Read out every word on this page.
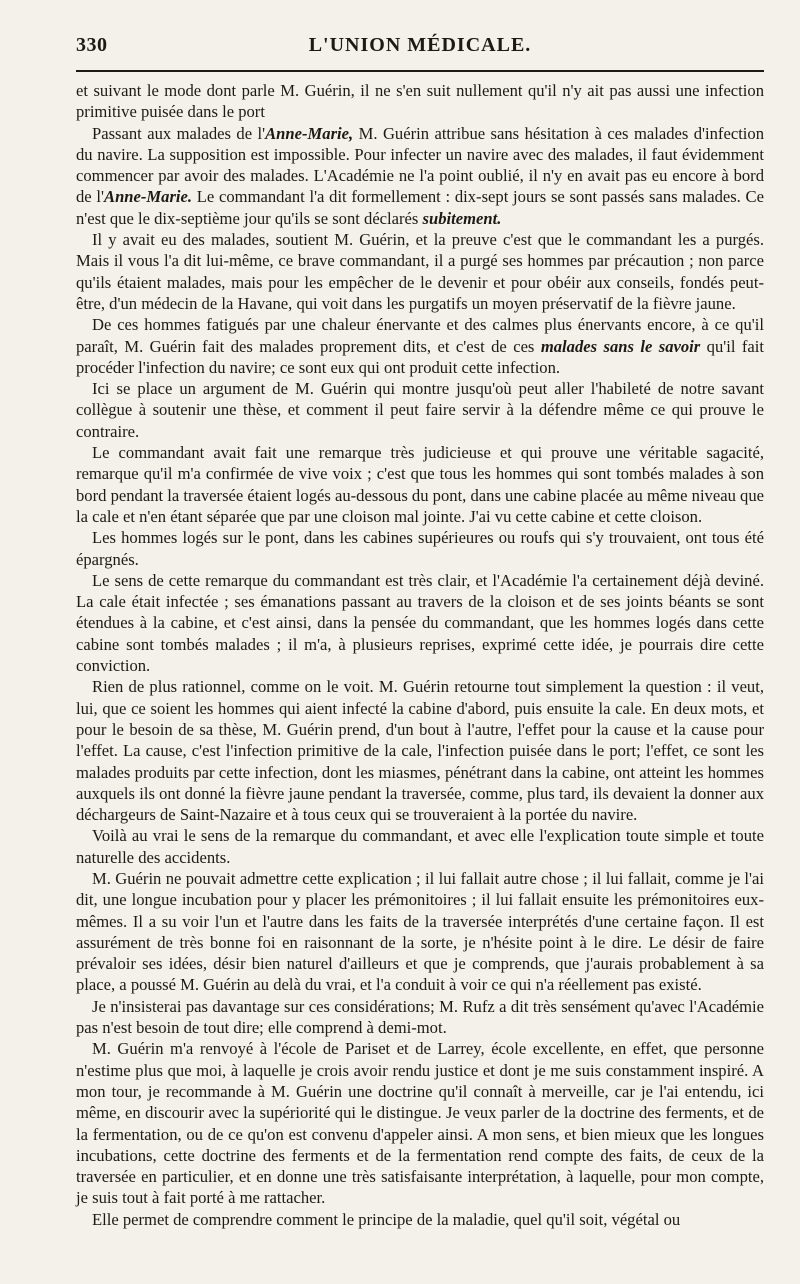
330	L'UNION MÉDICALE.

et suivant le mode dont parle M. Guérin, il ne s'en suit nullement qu'il n'y ait pas aussi une infection primitive puisée dans le port

Passant aux malades de l'Anne-Marie, M. Guérin attribue sans hésitation à ces malades d'infection du navire. La supposition est impossible. Pour infecter un navire avec des malades, il faut évidemment commencer par avoir des malades. L'Académie ne l'a point oublié, il n'y en avait pas eu encore à bord de l'Anne-Marie. Le commandant l'a dit formellement : dix-sept jours se sont passés sans malades. Ce n'est que le dix-septième jour qu'ils se sont déclarés subitement.

Il y avait eu des malades, soutient M. Guérin, et la preuve c'est que le commandant les a purgés. Mais il vous l'a dit lui-même, ce brave commandant, il a purgé ses hommes par précaution ; non parce qu'ils étaient malades, mais pour les empêcher de le devenir et pour obéir aux conseils, fondés peut-être, d'un médecin de la Havane, qui voit dans les purgatifs un moyen préservatif de la fièvre jaune.

De ces hommes fatigués par une chaleur énervante et des calmes plus énervants encore, à ce qu'il paraît, M. Guérin fait des malades proprement dits, et c'est de ces malades sans le savoir qu'il fait procéder l'infection du navire; ce sont eux qui ont produit cette infection.

Ici se place un argument de M. Guérin qui montre jusqu'où peut aller l'habileté de notre savant collègue à soutenir une thèse, et comment il peut faire servir à la défendre même ce qui prouve le contraire.

Le commandant avait fait une remarque très judicieuse et qui prouve une véritable sagacité, remarque qu'il m'a confirmée de vive voix ; c'est que tous les hommes qui sont tombés malades à son bord pendant la traversée étaient logés au-dessous du pont, dans une cabine placée au même niveau que la cale et n'en étant séparée que par une cloison mal jointe. J'ai vu cette cabine et cette cloison.

Les hommes logés sur le pont, dans les cabines supérieures ou roufs qui s'y trouvaient, ont tous été épargnés.

Le sens de cette remarque du commandant est très clair, et l'Académie l'a certainement déjà deviné. La cale était infectée ; ses émanations passant au travers de la cloison et de ses joints béants se sont étendues à la cabine, et c'est ainsi, dans la pensée du commandant, que les hommes logés dans cette cabine sont tombés malades ; il m'a, à plusieurs reprises, exprimé cette idée, je pourrais dire cette conviction.

Rien de plus rationnel, comme on le voit. M. Guérin retourne tout simplement la question : il veut, lui, que ce soient les hommes qui aient infecté la cabine d'abord, puis ensuite la cale. En deux mots, et pour le besoin de sa thèse, M. Guérin prend, d'un bout à l'autre, l'effet pour la cause et la cause pour l'effet. La cause, c'est l'infection primitive de la cale, l'infection puisée dans le port; l'effet, ce sont les malades produits par cette infection, dont les miasmes, pénétrant dans la cabine, ont atteint les hommes auxquels ils ont donné la fièvre jaune pendant la traversée, comme, plus tard, ils devaient la donner aux déchargeurs de Saint-Nazaire et à tous ceux qui se trouveraient à la portée du navire.

Voilà au vrai le sens de la remarque du commandant, et avec elle l'explication toute simple et toute naturelle des accidents.

M. Guérin ne pouvait admettre cette explication ; il lui fallait autre chose ; il lui fallait, comme je l'ai dit, une longue incubation pour y placer les prémonitoires ; il lui fallait ensuite les prémonitoires eux-mêmes. Il a su voir l'un et l'autre dans les faits de la traversée interprétés d'une certaine façon. Il est assurément de très bonne foi en raisonnant de la sorte, je n'hésite point à le dire. Le désir de faire prévaloir ses idées, désir bien naturel d'ailleurs et que je comprends, que j'aurais probablement à sa place, a poussé M. Guérin au delà du vrai, et l'a conduit à voir ce qui n'a réellement pas existé.

Je n'insisterai pas davantage sur ces considérations; M. Rufz a dit très sensément qu'avec l'Académie pas n'est besoin de tout dire; elle comprend à demi-mot.

M. Guérin m'a renvoyé à l'école de Pariset et de Larrey, école excellente, en effet, que personne n'estime plus que moi, à laquelle je crois avoir rendu justice et dont je me suis constamment inspiré. A mon tour, je recommande à M. Guérin une doctrine qu'il connaît à merveille, car je l'ai entendu, ici même, en discourir avec la supériorité qui le distingue. Je veux parler de la doctrine des ferments, et de la fermentation, ou de ce qu'on est convenu d'appeler ainsi. A mon sens, et bien mieux que les longues incubations, cette doctrine des ferments et de la fermentation rend compte des faits, de ceux de la traversée en particulier, et en donne une très satisfaisante interprétation, à laquelle, pour mon compte, je suis tout à fait porté à me rattacher.

Elle permet de comprendre comment le principe de la maladie, quel qu'il soit, végétal ou
